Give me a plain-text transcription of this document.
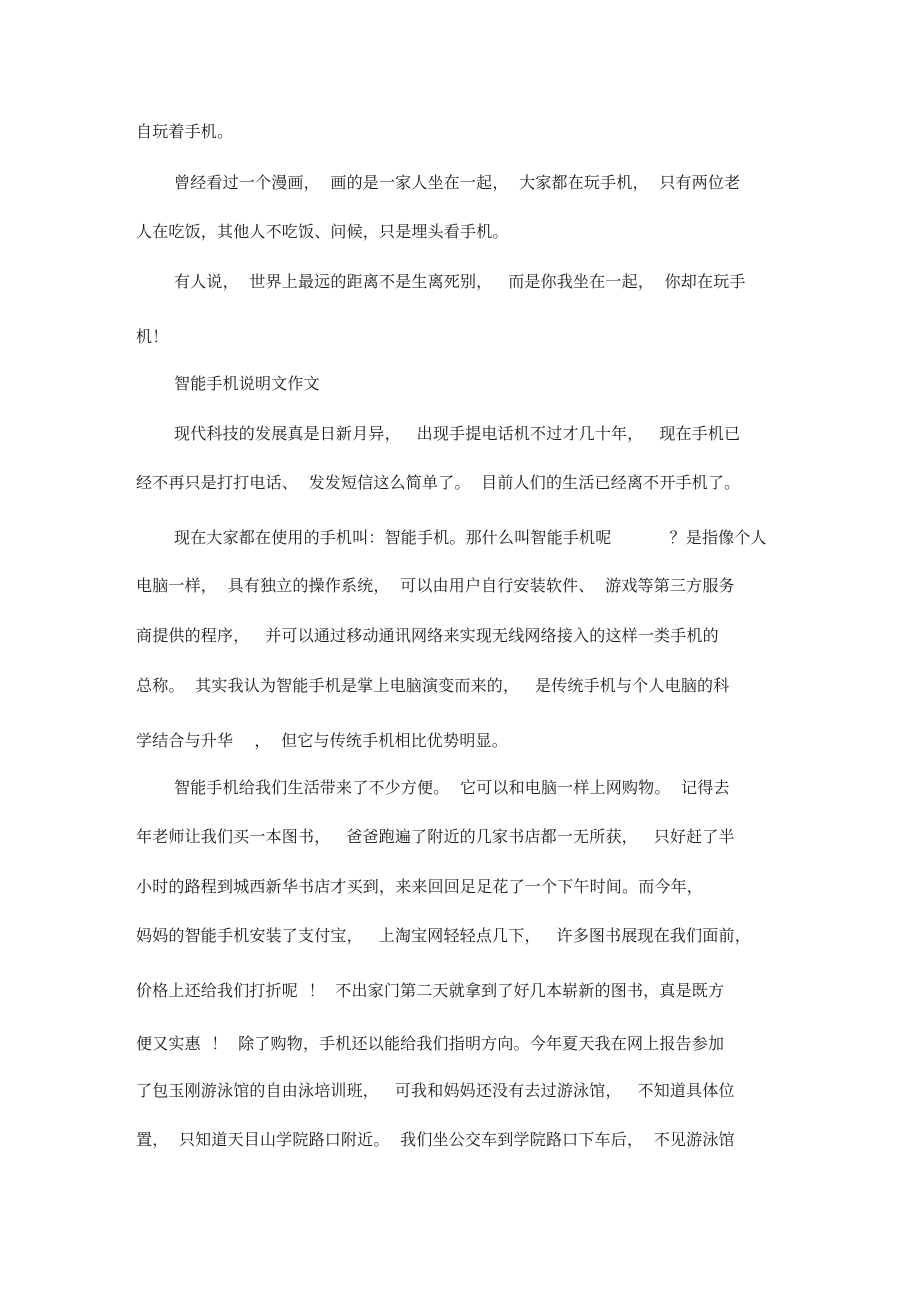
自玩着手机。
曾经看过一个漫画，  画的是一家人坐在一起，  大家都在玩手机，  只有两位老
人在吃饭，其他人不吃饭、问候，只是埋头看手机。
有人说，  世界上最远的距离不是生离死别，   而是你我坐在一起，  你却在玩手
机！
智能手机说明文作文
现代科技的发展真是日新月异，   出现手提电话机不过才几十年，   现在手机已
经不再只是打打电话、  发发短信这么简单了。  目前人们的生活已经离不开手机了。
现在大家都在使用的手机叫：智能手机。那什么叫智能手机呢           ？是指像个人
电脑一样，  具有独立的操作系统，  可以由用户自行安装软件、  游戏等第三方服务
商提供的程序，   并可以通过移动通讯网络来实现无线网络接入的这样一类手机的
总称。  其实我认为智能手机是掌上电脑演变而来的，   是传统手机与个人电脑的科
学结合与升华    ，  但它与传统手机相比优势明显。
智能手机给我们生活带来了不少方便。  它可以和电脑一样上网购物。  记得去
年老师让我们买一本图书，   爸爸跑遍了附近的几家书店都一无所获，   只好赶了半
小时的路程到城西新华书店才买到，来来回回足足花了一个下午时间。而今年，
妈妈的智能手机安装了支付宝，   上淘宝网轻轻点几下，   许多图书展现在我们面前，
价格上还给我们打折呢  ！  不出家门第二天就拿到了好几本崭新的图书，真是既方
便又实惠  ！  除了购物，手机还以能给我们指明方向。今年夏天我在网上报告参加
了包玉刚游泳馆的自由泳培训班，   可我和妈妈还没有去过游泳馆，   不知道具体位
置，  只知道天目山学院路口附近。  我们坐公交车到学院路口下车后，  不见游泳馆
